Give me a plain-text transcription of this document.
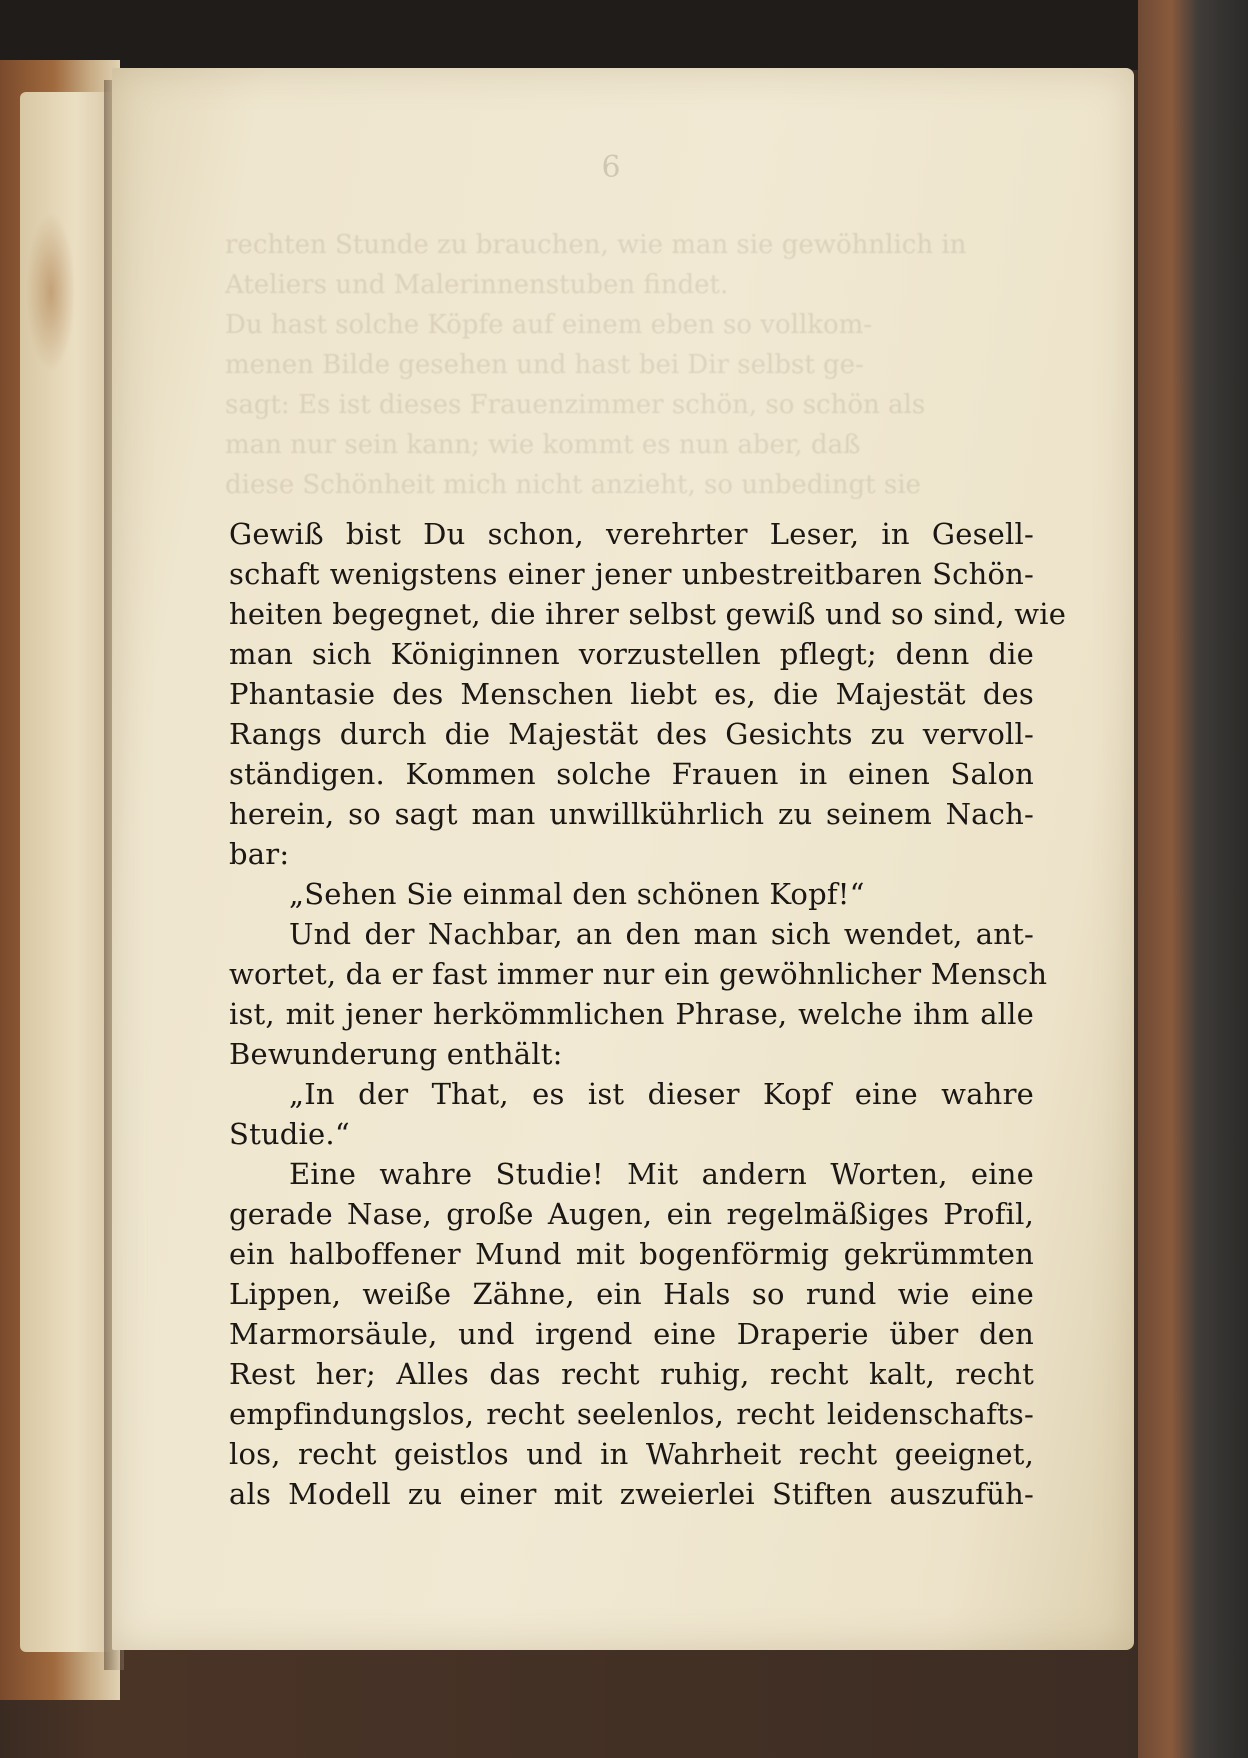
6
rechten Stunde zu brauchen, wie man sie gewöhnlich in
Ateliers und Malerinnenstuben findet.
Du hast solche Köpfe auf einem eben so vollkom-
menen Bilde gesehen und hast bei Dir selbst ge-
sagt: Es ist dieses Frauenzimmer schön, so schön als
man nur sein kann; wie kommt es nun aber, daß
diese Schönheit mich nicht anzieht, so unbedingt sie
Gewiß bist Du schon, verehrter Leser, in Gesell-
schaft wenigstens einer jener unbestreitbaren Schön-
heiten begegnet, die ihrer selbst gewiß und so sind, wie
man sich Königinnen vorzustellen pflegt; denn die
Phantasie des Menschen liebt es, die Majestät des
Rangs durch die Majestät des Gesichts zu vervoll-
ständigen. Kommen solche Frauen in einen Salon
herein, so sagt man unwillkührlich zu seinem Nach-
bar:
„Sehen Sie einmal den schönen Kopf!“
Und der Nachbar, an den man sich wendet, ant-
wortet, da er fast immer nur ein gewöhnlicher Mensch
ist, mit jener herkömmlichen Phrase, welche ihm alle
Bewunderung enthält:
„In der That, es ist dieser Kopf eine wahre
Studie.“
Eine wahre Studie! Mit andern Worten, eine
gerade Nase, große Augen, ein regelmäßiges Profil,
ein halboffener Mund mit bogenförmig gekrümmten
Lippen, weiße Zähne, ein Hals so rund wie eine
Marmorsäule, und irgend eine Draperie über den
Rest her; Alles das recht ruhig, recht kalt, recht
empfindungslos, recht seelenlos, recht leidenschafts-
los, recht geistlos und in Wahrheit recht geeignet,
als Modell zu einer mit zweierlei Stiften auszufüh-
